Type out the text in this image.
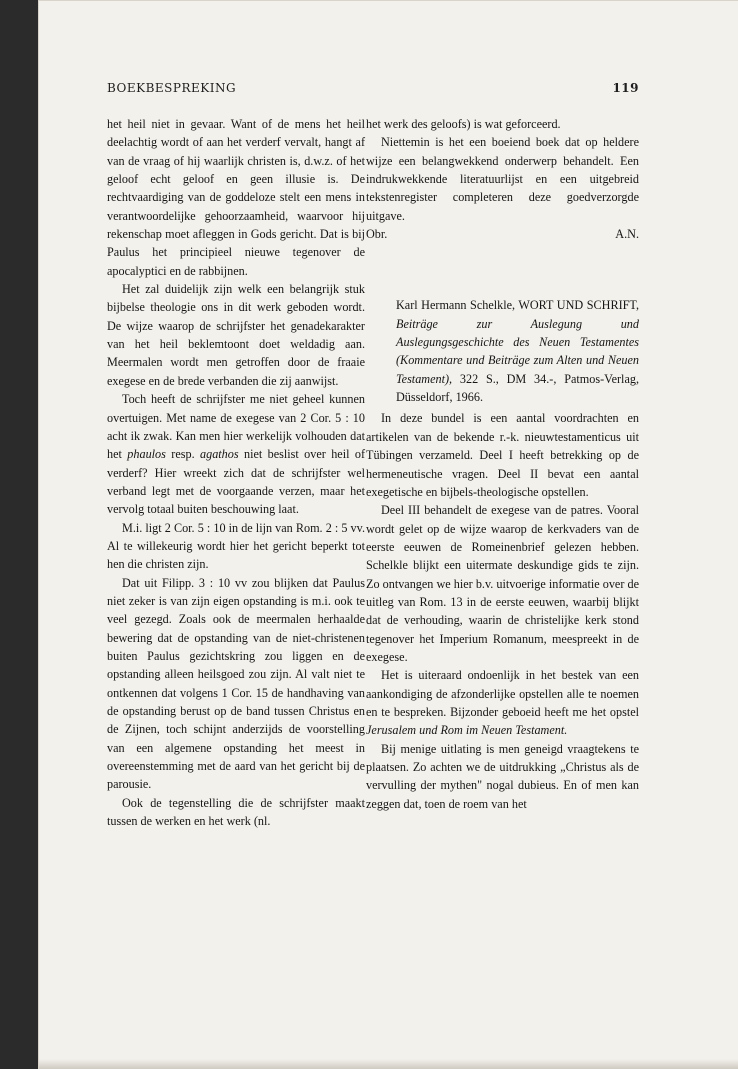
BOEKBESPREKING	119

het heil niet in gevaar. Want of de mens het heil deelachtig wordt of aan het verderf vervalt, hangt af van de vraag of hij waarlijk christen is, d.w.z. of het geloof echt geloof en geen illusie is. De rechtvaardiging van de goddeloze stelt een mens in verantwoordelijke gehoorzaamheid, waarvoor hij rekenschap moet afleggen in Gods gericht. Dat is bij Paulus het principieel nieuwe tegenover de apocalyptici en de rabbijnen.

Het zal duidelijk zijn welk een belangrijk stuk bijbelse theologie ons in dit werk geboden wordt. De wijze waarop de schrijfster het genadekarakter van het heil beklemtoont doet weldadig aan. Meermalen wordt men getroffen door de fraaie exegese en de brede verbanden die zij aanwijst.

Toch heeft de schrijfster me niet geheel kunnen overtuigen. Met name de exegese van 2 Cor. 5 : 10 acht ik zwak. Kan men hier werkelijk volhouden dat het phaulos resp. agathos niet beslist over heil of verderf? Hier wreekt zich dat de schrijfster wel verband legt met de voorgaande verzen, maar het vervolg totaal buiten beschouwing laat.

M.i. ligt 2 Cor. 5 : 10 in de lijn van Rom. 2 : 5 vv. Al te willekeurig wordt hier het gericht beperkt tot hen die christen zijn.

Dat uit Filipp. 3 : 10 vv zou blijken dat Paulus niet zeker is van zijn eigen opstanding is m.i. ook te veel gezegd. Zoals ook de meermalen herhaalde bewering dat de opstanding van de niet-christenen buiten Paulus gezichtskring zou liggen en de opstanding alleen heilsgoed zou zijn. Al valt niet te ontkennen dat volgens 1 Cor. 15 de handhaving van de opstanding berust op de band tussen Christus en de Zijnen, toch schijnt anderzijds de voorstelling van een algemene opstanding het meest in overeenstemming met de aard van het gericht bij de parousie.

Ook de tegenstelling die de schrijfster maakt tussen de werken en het werk (nl.

het werk des geloofs) is wat geforceerd.

Niettemin is het een boeiend boek dat op heldere wijze een belangwekkend onderwerp behandelt. Een indrukwekkende literatuurlijst en een uitgebreid tekstenregister completeren deze goedverzorgde uitgave.

Obr.	A.N.
Karl Hermann Schelkle, WORT UND SCHRIFT, Beiträge zur Auslegung und Auslegungsgeschichte des Neuen Testamentes (Kommentare und Beiträge zum Alten und Neuen Testament), 322 S., DM 34.-, Patmos-Verlag, Düsseldorf, 1966.

In deze bundel is een aantal voordrachten en artikelen van de bekende r.-k. nieuwtestamenticus uit Tübingen verzameld. Deel I heeft betrekking op de hermeneutische vragen. Deel II bevat een aantal exegetische en bijbels-theologische opstellen.

Deel III behandelt de exegese van de patres. Vooral wordt gelet op de wijze waarop de kerkvaders van de eerste eeuwen de Romeinenbrief gelezen hebben. Schelkle blijkt een uitermate deskundige gids te zijn. Zo ontvangen we hier b.v. uitvoerige informatie over de uitleg van Rom. 13 in de eerste eeuwen, waarbij blijkt dat de verhouding, waarin de christelijke kerk stond tegenover het Imperium Romanum, meespreekt in de exegese.

Het is uiteraard ondoenlijk in het bestek van een aankondiging de afzonderlijke opstellen alle te noemen en te bespreken. Bijzonder geboeid heeft me het opstel Jerusalem und Rom im Neuen Testament.

Bij menige uitlating is men geneigd vraagtekens te plaatsen. Zo achten we de uitdrukking „Christus als de vervulling der mythen" nogal dubieus. En of men kan zeggen dat, toen de roem van het
